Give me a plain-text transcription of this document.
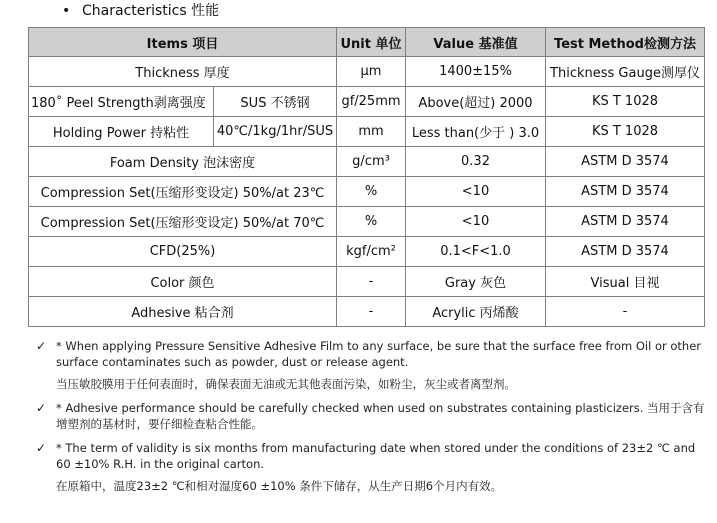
• Characteristics 性能
Items 项目		Unit 单位	Value 基准值	Test Method检测方法
Thickness 厚度		μm	1400±15%	Thickness Gauge测厚仪
180˚ Peel Strength剥离强度	SUS 不锈钢	gf/25mm	Above(超过) 2000	KS T 1028
Holding Power 持粘性	40℃/1kg/1hr/SUS	mm	Less than(少于 ) 3.0	KS T 1028
Foam Density 泡沫密度		g/cm³	0.32	ASTM D 3574
Compression Set(压缩形变设定) 50%/at 23℃		%	<10	ASTM D 3574
Compression Set(压缩形变设定) 50%/at 70℃		%	<10	ASTM D 3574
CFD(25%)		kgf/cm²	0.1<F<1.0	ASTM D 3574
Color 颜色		-	Gray 灰色	Visual 目视
Adhesive 粘合剂		-	Acrylic 丙烯酸	-
✓ * When applying Pressure Sensitive Adhesive Film to any surface, be sure that the surface free from Oil or other surface contaminates such as powder, dust or release agent.
当压敏胶膜用于任何表面时，确保表面无油或无其他表面污染，如粉尘，灰尘或者离型剂。
✓ * Adhesive performance should be carefully checked when used on substrates containing plasticizers. 当用于含有增塑剂的基材时，要仔细检查粘合性能。
✓ * The term of validity is six months from manufacturing date when stored under the conditions of 23±2 ℃ and 60 ±10% R.H. in the original carton.
在原箱中，温度23±2 ℃和相对湿度60 ±10% 条件下储存，从生产日期6个月内有效。
